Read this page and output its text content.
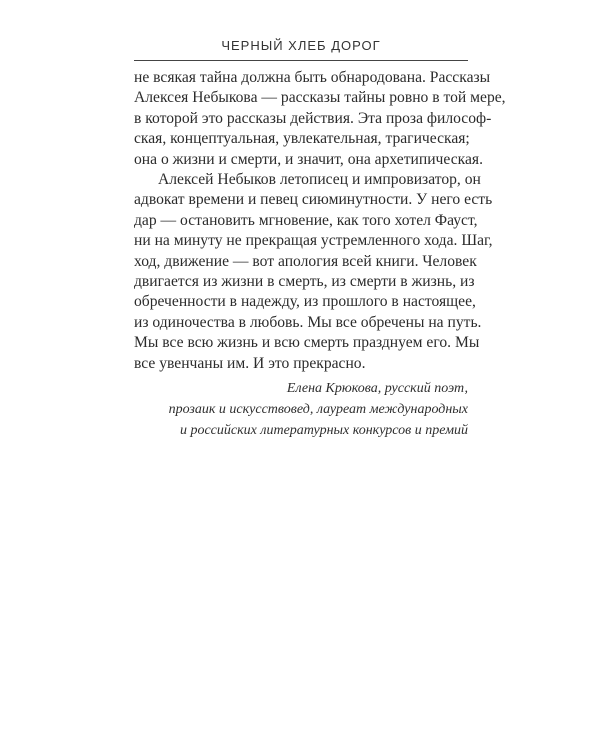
ЧЕРНЫЙ ХЛЕБ ДОРОГ
не всякая тайна должна быть обнародована. Рассказы
Алексея Небыкова — рассказы тайны ровно в той мере,
в которой это рассказы действия. Эта проза философ-
ская, концептуальная, увлекательная, трагическая;
она о жизни и смерти, и значит, она архетипическая.
Алексей Небыков летописец и импровизатор, он
адвокат времени и певец сиюминутности. У него есть
дар — остановить мгновение, как того хотел Фауст,
ни на минуту не прекращая устремленного хода. Шаг,
ход, движение — вот апология всей книги. Человек
двигается из жизни в смерть, из смерти в жизнь, из
обреченности в надежду, из прошлого в настоящее,
из одиночества в любовь. Мы все обречены на путь.
Мы все всю жизнь и всю смерть празднуем его. Мы
все увенчаны им. И это прекрасно.
Елена Крюкова, русский поэт,
прозаик и искусствовед, лауреат международных
и российских литературных конкурсов и премий
